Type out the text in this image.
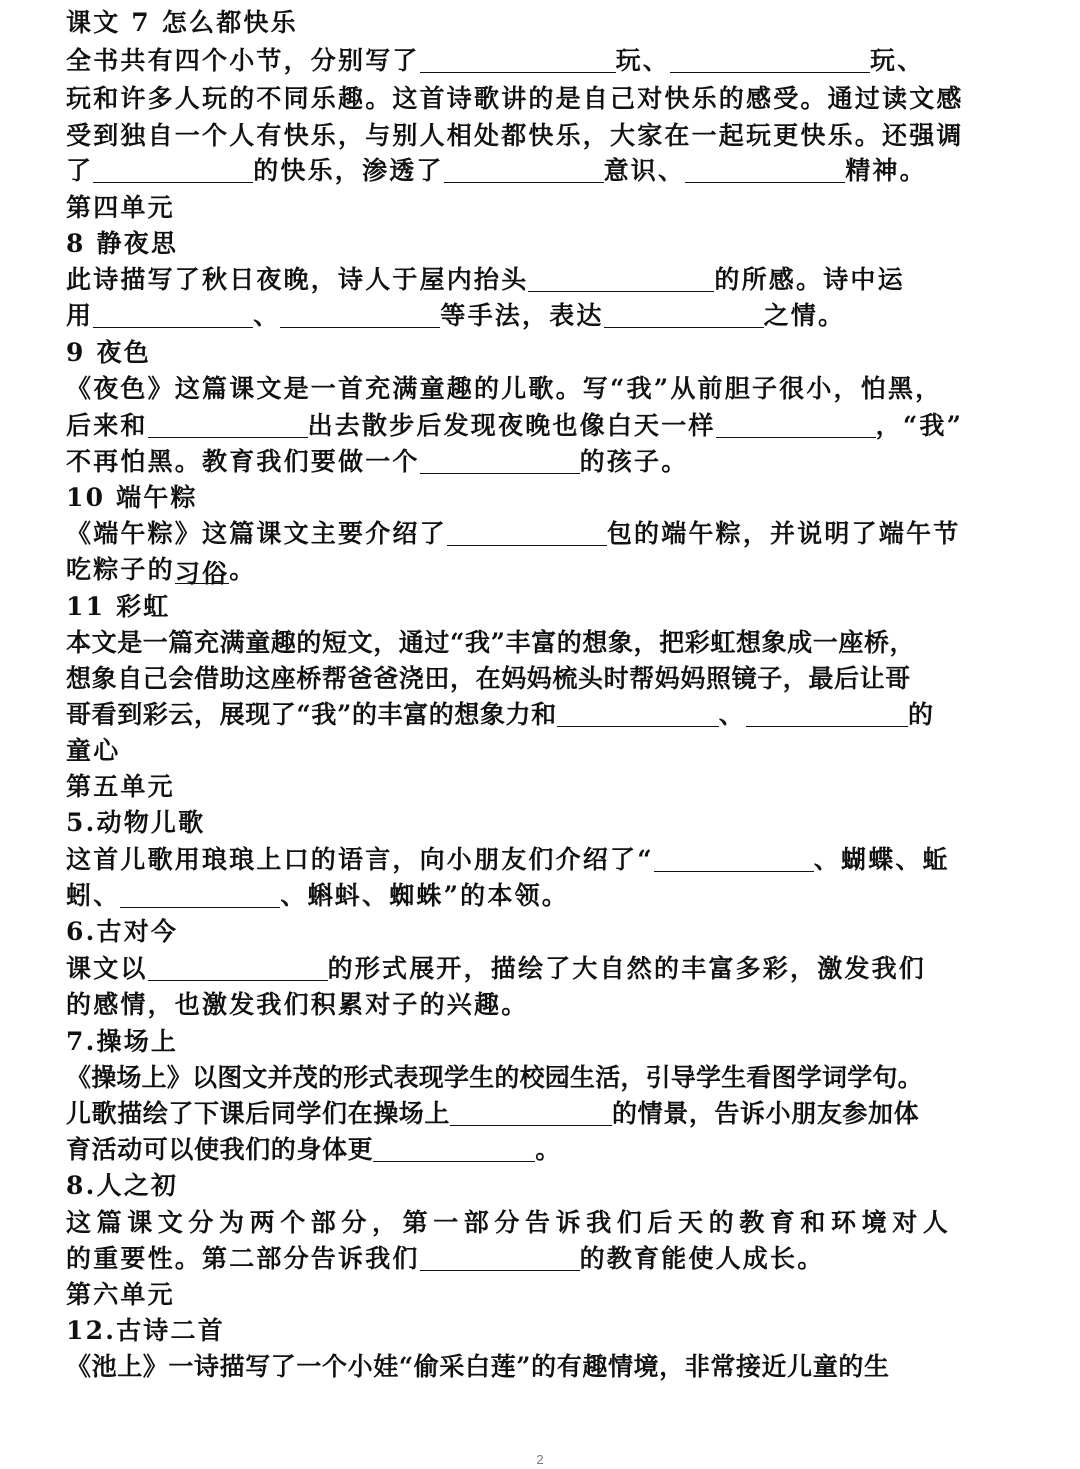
课文 7 怎么都快乐
全书共有四个小节，分别写了	玩、	玩、
玩和许多人玩的不同乐趣。这首诗歌讲的是自己对快乐的感受。通过读文感
受到独自一个人有快乐，与别人相处都快乐，大家在一起玩更快乐。还强调
了	的快乐，渗透了	意识、	精神。
第四单元
8 静夜思
此诗描写了秋日夜晚，诗人于屋内抬头	的所感。诗中运
用	、	等手法，表达	之情。
9 夜色
《夜色》这篇课文是一首充满童趣的儿歌。写“我”从前胆子很小，怕黑，
后来和	出去散步后发现夜晚也像白天一样	，“我”
不再怕黑。教育我们要做一个	的孩子。
10 端午粽
《端午粽》这篇课文主要介绍了	包的端午粽，并说明了端午节
吃粽子的习俗。
11 彩虹
本文是一篇充满童趣的短文，通过“我”丰富的想象，把彩虹想象成一座桥，
想象自己会借助这座桥帮爸爸浇田，在妈妈梳头时帮妈妈照镜子，最后让哥
哥看到彩云，展现了“我”的丰富的想象力和	、	的
童心
第五单元
5.动物儿歌
这首儿歌用琅琅上口的语言，向小朋友们介绍了“	、蝴蝶、蚯
蚓、	、蝌蚪、蜘蛛”的本领。
6.古对今
课文以	的形式展开，描绘了大自然的丰富多彩，激发我们
的感情，也激发我们积累对子的兴趣。
7.操场上
《操场上》以图文并茂的形式表现学生的校园生活，引导学生看图学词学句。
儿歌描绘了下课后同学们在操场上	的情景，告诉小朋友参加体
育活动可以使我们的身体更	。
8.人之初
这篇课文分为两个部分，第一部分告诉我们后天的教育和环境对人
的重要性。第二部分告诉我们	的教育能使人成长。
第六单元
12.古诗二首
《池上》一诗描写了一个小娃“偷采白莲”的有趣情境，非常接近儿童的生
2
